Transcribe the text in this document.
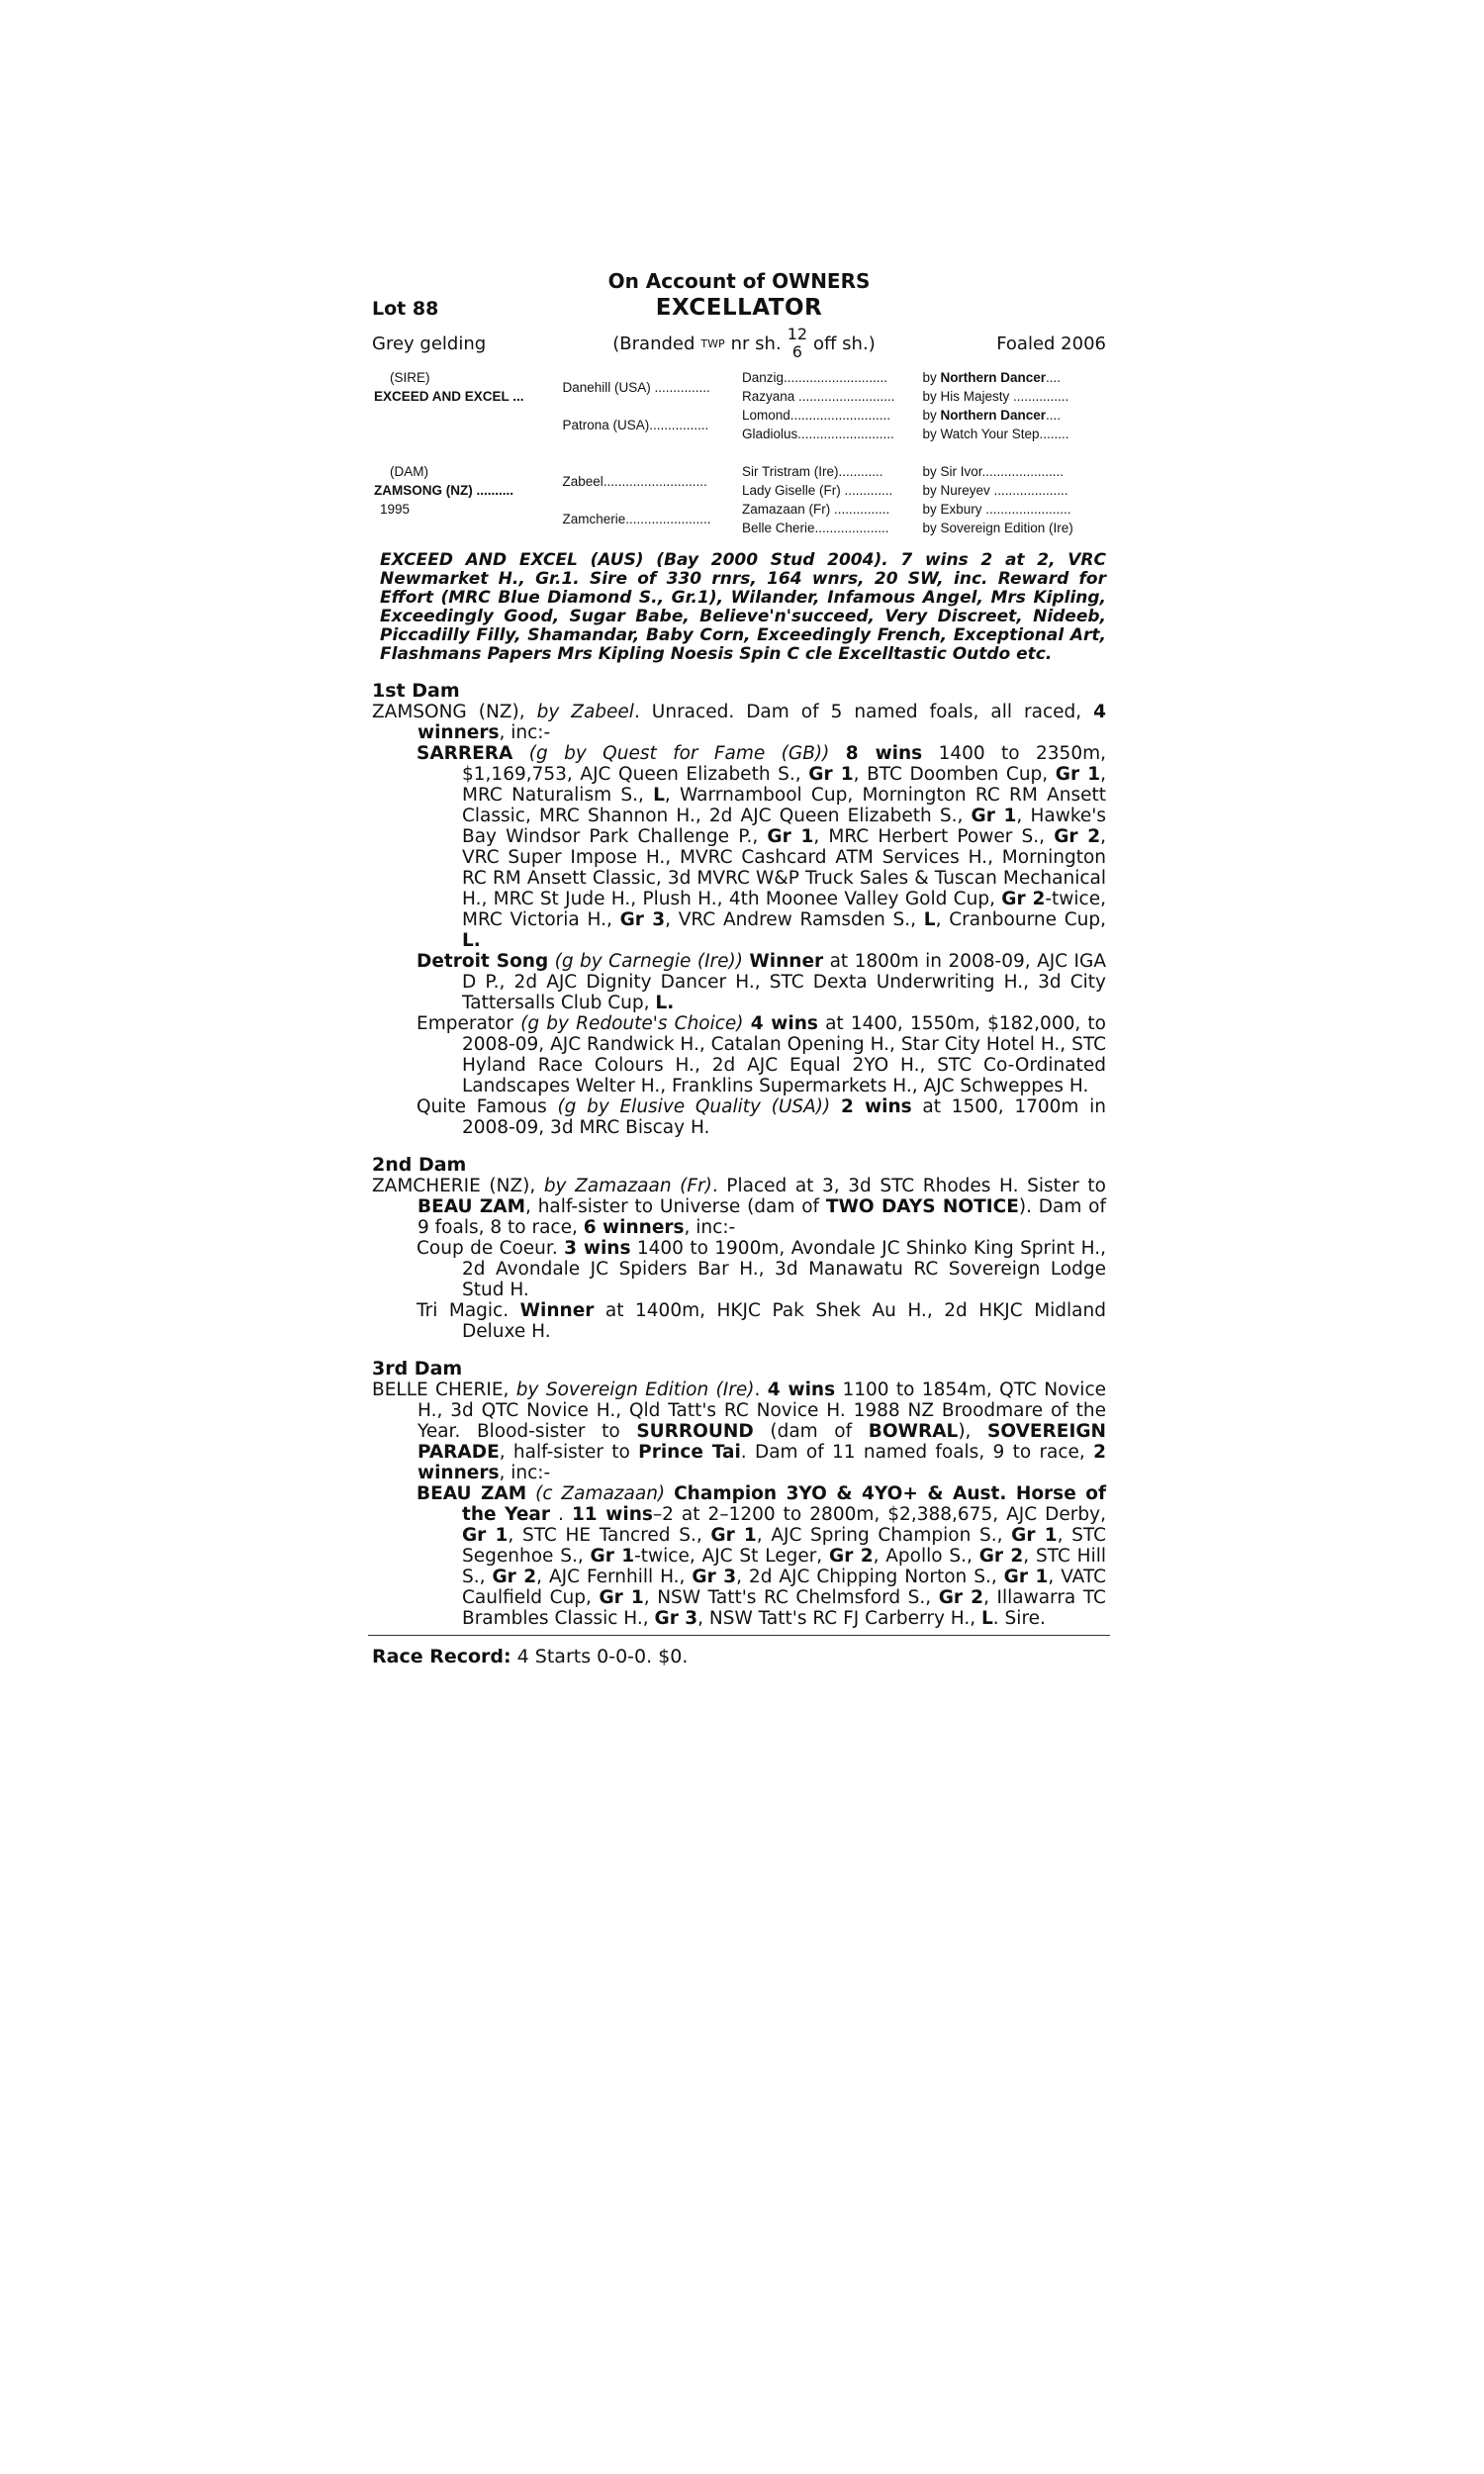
On Account of OWNERS
Lot 88	EXCELLATOR
Grey gelding	(Branded TWP nr sh. 12
6 off sh.)	Foaled 2006
(SIRE)	Danehill (USA) ...............	Danzig............................	by Northern Dancer....
EXCEED AND EXCEL ...		Razyana ..........................	by His Majesty ...............
	Patrona (USA)................	Lomond...........................	by Northern Dancer....
		Gladiolus..........................	by Watch Your Step........

(DAM)	Zabeel............................	Sir Tristram (Ire)............	by Sir Ivor......................
ZAMSONG (NZ) ..........		Lady Giselle (Fr) .............	by Nureyev ....................
1995	Zamcherie.......................	Zamazaan (Fr) ...............	by Exbury .......................
		Belle Cherie....................	by Sovereign Edition (Ire)
EXCEED AND EXCEL (AUS) (Bay 2000 Stud 2004). 7 wins 2 at 2, VRC Newmarket H., Gr.1. Sire of 330 rnrs, 164 wnrs, 20 SW, inc. Reward for Effort (MRC Blue Diamond S., Gr.1), Wilander, Infamous Angel, Mrs Kipling, Exceedingly Good, Sugar Babe, Believe'n'succeed, Very Discreet, Nideeb, Piccadilly Filly, Shamandar, Baby Corn, Exceedingly French, Exceptional Art, Flashmans Papers Mrs Kipling Noesis Spin C cle Excelltastic Outdo etc.
1st Dam
ZAMSONG (NZ), by Zabeel. Unraced. Dam of 5 named foals, all raced, 4 winners, inc:-
SARRERA (g by Quest for Fame (GB)) 8 wins 1400 to 2350m, $1,169,753, AJC Queen Elizabeth S., Gr 1, BTC Doomben Cup, Gr 1, MRC Naturalism S., L, Warrnambool Cup, Mornington RC RM Ansett Classic, MRC Shannon H., 2d AJC Queen Elizabeth S., Gr 1, Hawke's Bay Windsor Park Challenge P., Gr 1, MRC Herbert Power S., Gr 2, VRC Super Impose H., MVRC Cashcard ATM Services H., Mornington RC RM Ansett Classic, 3d MVRC W&P Truck Sales & Tuscan Mechanical H., MRC St Jude H., Plush H., 4th Moonee Valley Gold Cup, Gr 2-twice, MRC Victoria H., Gr 3, VRC Andrew Ramsden S., L, Cranbourne Cup, L.
Detroit Song (g by Carnegie (Ire)) Winner at 1800m in 2008-09, AJC IGA D P., 2d AJC Dignity Dancer H., STC Dexta Underwriting H., 3d City Tattersalls Club Cup, L.
Emperator (g by Redoute's Choice) 4 wins at 1400, 1550m, $182,000, to 2008-09, AJC Randwick H., Catalan Opening H., Star City Hotel H., STC Hyland Race Colours H., 2d AJC Equal 2YO H., STC Co-Ordinated Landscapes Welter H., Franklins Supermarkets H., AJC Schweppes H.
Quite Famous (g by Elusive Quality (USA)) 2 wins at 1500, 1700m in 2008-09, 3d MRC Biscay H.
2nd Dam
ZAMCHERIE (NZ), by Zamazaan (Fr). Placed at 3, 3d STC Rhodes H. Sister to BEAU ZAM, half-sister to Universe (dam of TWO DAYS NOTICE). Dam of 9 foals, 8 to race, 6 winners, inc:-
Coup de Coeur. 3 wins 1400 to 1900m, Avondale JC Shinko King Sprint H., 2d Avondale JC Spiders Bar H., 3d Manawatu RC Sovereign Lodge Stud H.
Tri Magic. Winner at 1400m, HKJC Pak Shek Au H., 2d HKJC Midland Deluxe H.
3rd Dam
BELLE CHERIE, by Sovereign Edition (Ire). 4 wins 1100 to 1854m, QTC Novice H., 3d QTC Novice H., Qld Tatt's RC Novice H. 1988 NZ Broodmare of the Year. Blood-sister to SURROUND (dam of BOWRAL), SOVEREIGN PARADE, half-sister to Prince Tai. Dam of 11 named foals, 9 to race, 2 winners, inc:-
BEAU ZAM (c Zamazaan) Champion 3YO & 4YO+ & Aust. Horse of the Year . 11 wins–2 at 2–1200 to 2800m, $2,388,675, AJC Derby, Gr 1, STC HE Tancred S., Gr 1, AJC Spring Champion S., Gr 1, STC Segenhoe S., Gr 1-twice, AJC St Leger, Gr 2, Apollo S., Gr 2, STC Hill S., Gr 2, AJC Fernhill H., Gr 3, 2d AJC Chipping Norton S., Gr 1, VATC Caulfield Cup, Gr 1, NSW Tatt's RC Chelmsford S., Gr 2, Illawarra TC Brambles Classic H., Gr 3, NSW Tatt's RC FJ Carberry H., L. Sire.
Race Record: 4 Starts 0-0-0. $0.
